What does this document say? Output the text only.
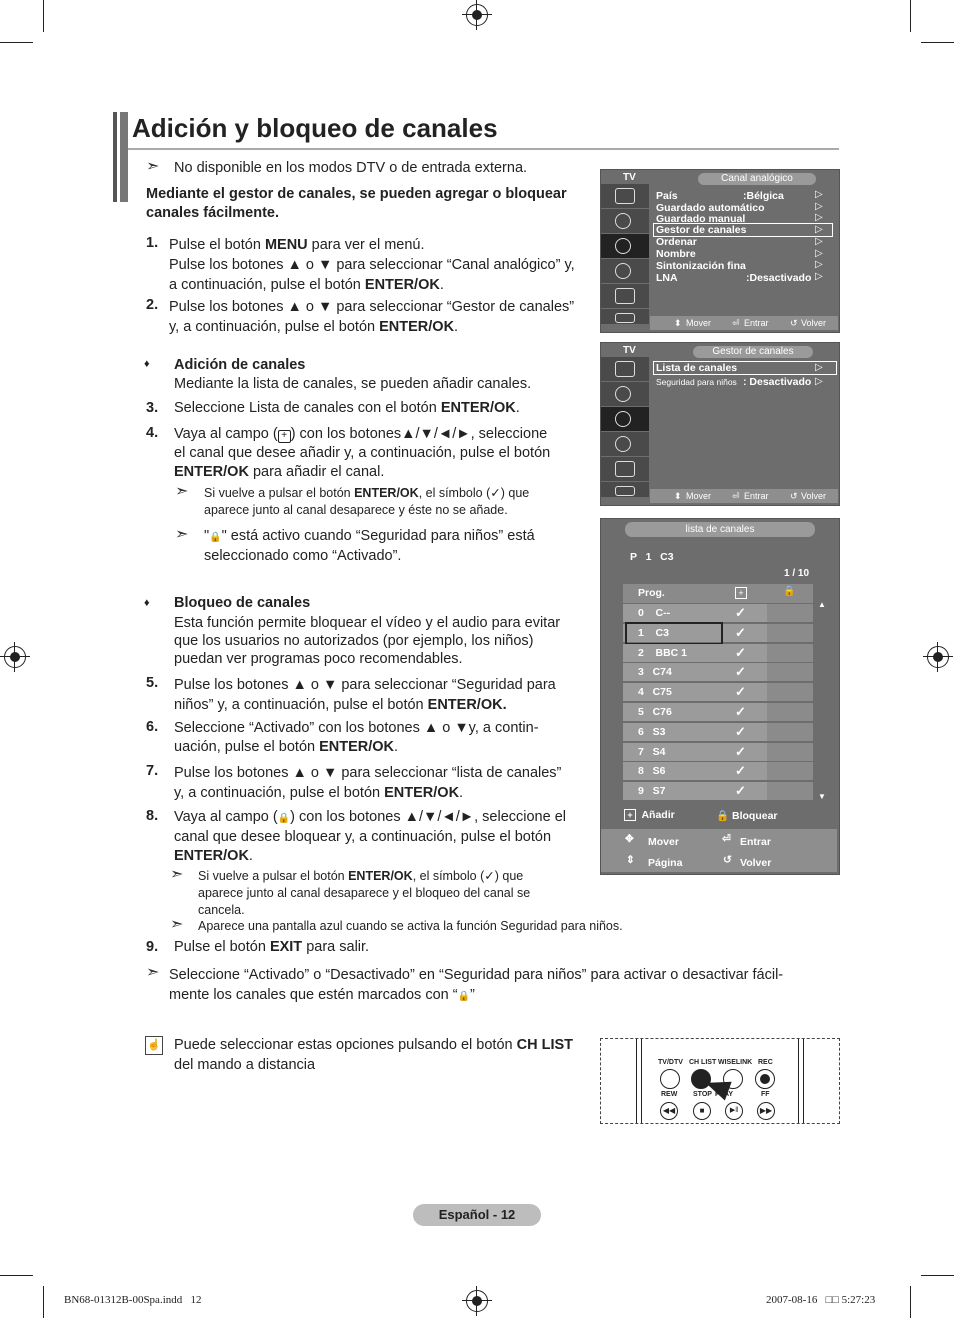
Adición y bloqueo de canales
➣ No disponible en los modos DTV o de entrada externa.
Mediante el gestor de canales, se pueden agregar o bloquear canales fácilmente.
1. Pulse el botón MENU para ver el menú.
Pulse los botones ▲ o ▼ para seleccionar “Canal analógico” y,
a continuación, pulse el botón ENTER/OK.
2. Pulse los botones ▲ o ▼ para seleccionar “Gestor de canales”
y, a continuación, pulse el botón ENTER/OK.
♦ Adición de canales
Mediante la lista de canales, se pueden añadir canales.
3. Seleccione Lista de canales con el botón ENTER/OK.
4. Vaya al campo ( + ) con los botones▲/▼/◄/►, seleccione
el canal que desee añadir y, a continuación, pulse el botón
ENTER/OK para añadir el canal.
➣ Si vuelve a pulsar el botón ENTER/OK, el símbolo (✓) que
aparece junto al canal desaparece y éste no se añade.
➣ "🔒" está activo cuando “Seguridad para niños” está
seleccionado como “Activado”.
♦ Bloqueo de canales
Esta función permite bloquear el vídeo y el audio para evitar
que los usuarios no autorizados (por ejemplo, los niños)
puedan ver programas poco recomendables.
5. Pulse los botones ▲ o ▼ para seleccionar “Seguridad para
niños” y, a continuación, pulse el botón ENTER/OK.
6. Seleccione “Activado” con los botones ▲ o ▼y, a contin-
uación, pulse el botón ENTER/OK.
7. Pulse los botones ▲ o ▼ para seleccionar “lista de canales”
y, a continuación, pulse el botón ENTER/OK.
8. Vaya al campo (🔒) con los botones ▲/▼/◄/►, seleccione el
canal que desee bloquear y, a continuación, pulse el botón
ENTER/OK.
➣ Si vuelve a pulsar el botón ENTER/OK, el símbolo (✓) que
aparece junto al canal desaparece y el bloqueo del canal se
cancela.
➣ Aparece una pantalla azul cuando se activa la función Seguridad para niños.
9. Pulse el botón EXIT para salir.
➣ Seleccione “Activado” o “Desactivado” en “Seguridad para niños” para activar o desactivar fácil-
mente los canales que estén marcados con “🔒”
☝ Puede seleccionar estas opciones pulsando el botón CH LIST
del mando a distancia
TV	Canal analógico
País	:Bélgica
Guardado automático
Guardado manual
Gestor de canales
Ordenar
Nombre
Sintonización fina
LNA	:Desactivado
▷
▷
▷
▷
▷
▷
▷
▷
⬍ Mover ⏎ Entrar ↺ Volver
TV	Gestor de canales
Lista de canales
Seguridad para niños : Desactivado
▷
▷
⬍ Mover ⏎ Entrar ↺ Volver
lista de canales
P   1   C3
1 / 10
Prog.	+	🔒
0    C--	✓
1    C3	✓
2    BBC 1	✓
3   C74	✓
4   C75	✓
5   C76	✓
6   S3	✓
7   S4	✓
8   S6	✓
9   S7	✓
▲
▼
+ Añadir	🔒 Bloquear
✥ Mover	⏎ Entrar
⇕ Página	↺ Volver
TV/DTV CH LIST WISELINK REC
REW STOP PLAY	FF
◀◀	■	▶‖	▶▶
Español - 12
BN68-01312B-00Spa.indd   12	2007-08-16   □□ 5:27:23
